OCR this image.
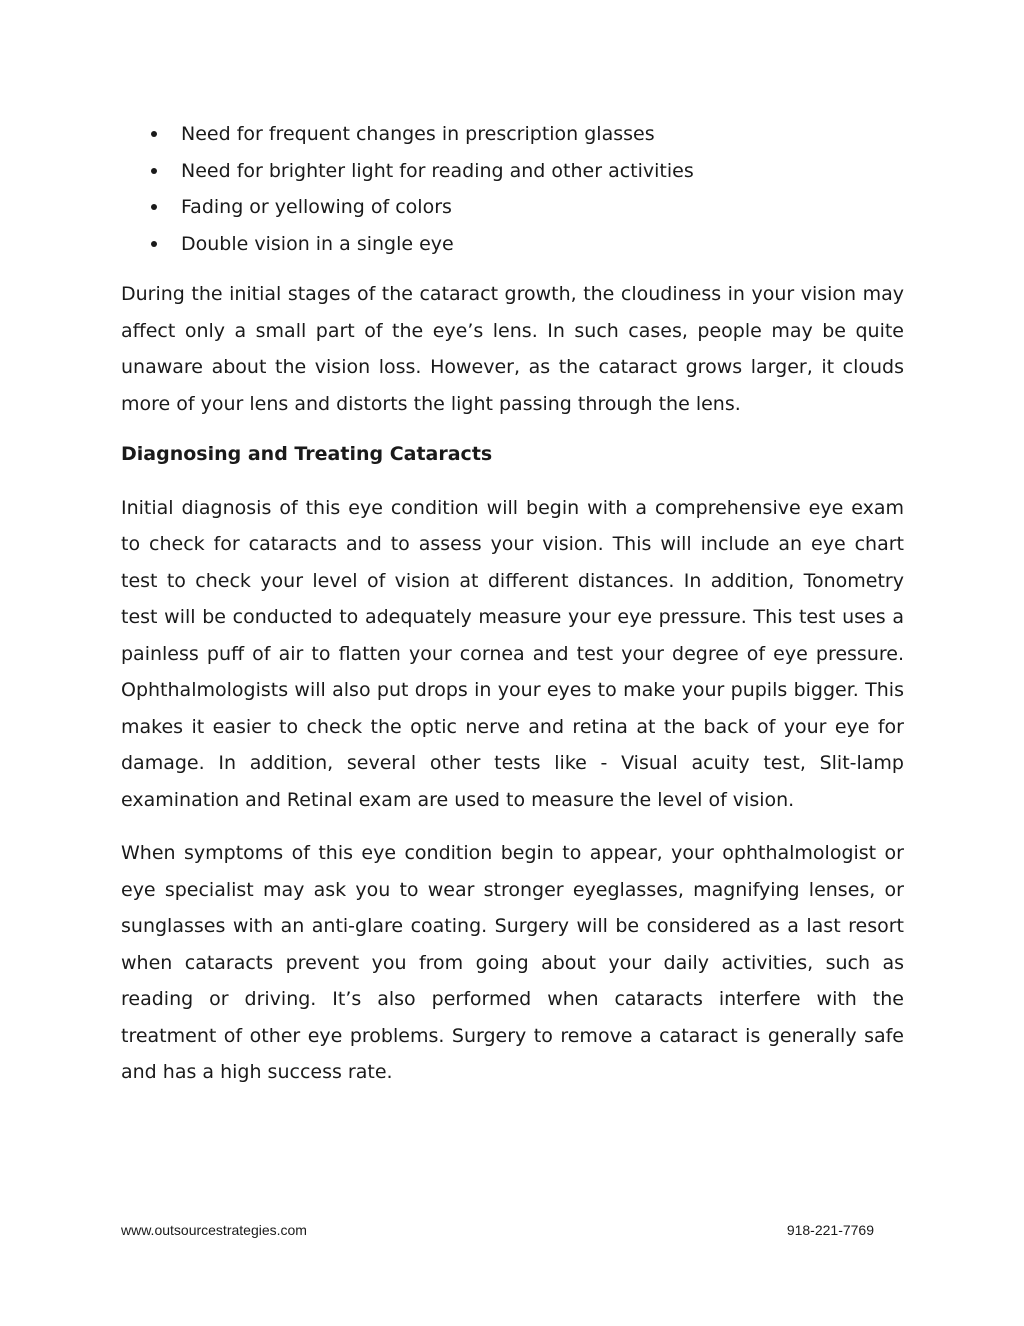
Need for frequent changes in prescription glasses
Need for brighter light for reading and other activities
Fading or yellowing of colors
Double vision in a single eye

During the initial stages of the cataract growth, the cloudiness in your vision may affect only a small part of the eye’s lens. In such cases, people may be quite unaware about the vision loss. However, as the cataract grows larger, it clouds more of your lens and distorts the light passing through the lens.

Diagnosing and Treating Cataracts

Initial diagnosis of this eye condition will begin with a comprehensive eye exam to check for cataracts and to assess your vision. This will include an eye chart test to check your level of vision at different distances. In addition, Tonometry test will be conducted to adequately measure your eye pressure. This test uses a painless puff of air to flatten your cornea and test your degree of eye pressure. Ophthalmologists will also put drops in your eyes to make your pupils bigger. This makes it easier to check the optic nerve and retina at the back of your eye for damage. In addition, several other tests like - Visual acuity test, Slit-lamp examination and Retinal exam are used to measure the level of vision.

When symptoms of this eye condition begin to appear, your ophthalmologist or eye specialist may ask you to wear stronger eyeglasses, magnifying lenses, or sunglasses with an anti-glare coating. Surgery will be considered as a last resort when cataracts prevent you from going about your daily activities, such as reading or driving. It’s also performed when cataracts interfere with the treatment of other eye problems. Surgery to remove a cataract is generally safe and has a high success rate.

www.outsourcestrategies.com	918-221-7769
